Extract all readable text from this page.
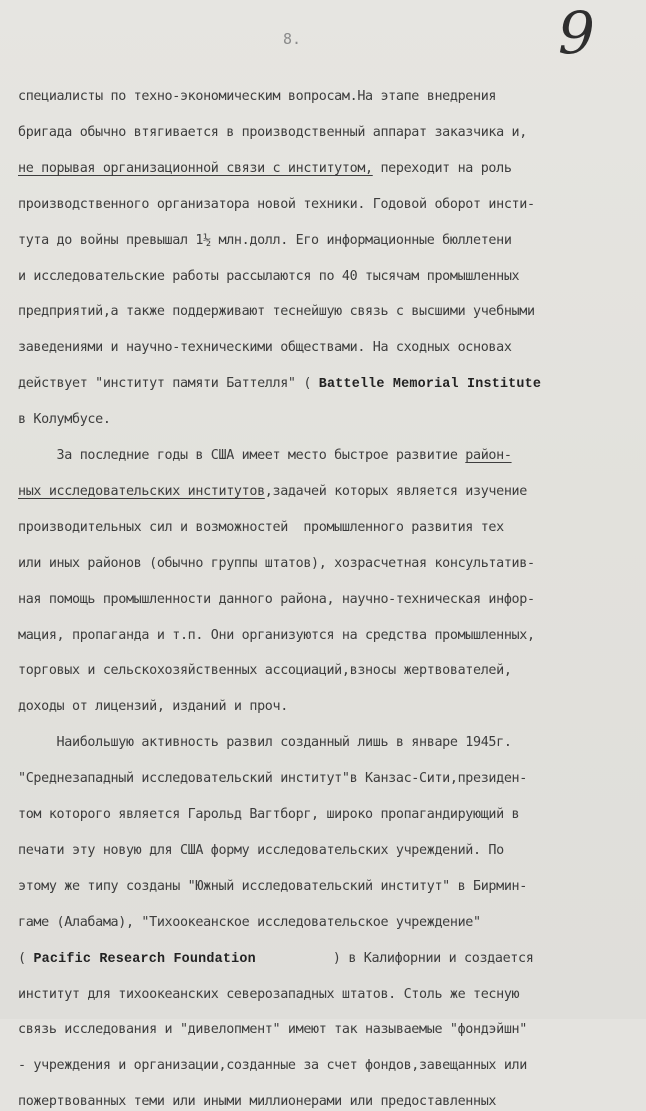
8.	9
специалисты по техно-экономическим вопросам.На этапе внедрения
бригада обычно втягивается в производственный аппарат заказчика и,
не порывая организационной связи с институтом, переходит на роль
производственного организатора новой техники. Годовой оборот инсти-
тута до войны превышал 1½ млн.долл. Его информационные бюллетени
и исследовательские работы рассылаются по 40 тысячам промышленных
предприятий,а также поддерживают теснейшую связь с высшими учебными
заведениями и научно-техническими обществами. На сходных основах
действует "институт памяти Баттелля" ( Battelle Memorial Institute
в Колумбусе.
За последние годы в США имеет место быстрое развитие район-
ных исследовательских институтов,задачей которых является изучение
производительных сил и возможностей  промышленного развития тех
или иных районов (обычно группы штатов), хозрасчетная консультатив-
ная помощь промышленности данного района, научно-техническая инфор-
мация, пропаганда и т.п. Они организуются на средства промышленных,
торговых и сельскохозяйственных ассоциаций,взносы жертвователей,
доходы от лицензий, изданий и проч.
Наибольшую активность развил созданный лишь в январе 1945г.
"Среднезападный исследовательский институт"в Канзас-Сити,президен-
том которого является Гарольд Вагтборг, широко пропагандирующий в
печати эту новую для США форму исследовательских учреждений. По
этому же типу созданы "Южный исследовательский институт" в Бирмин-
гаме (Алабама), "Тихоокеанское исследовательское учреждение"
( Pacific Research Foundation          ) в Калифорнии и создается
институт для тихоокеанских северозападных штатов. Столь же тесную
связь исследования и "дивелопмент" имеют так называемые "фондэйшн"
- учреждения и организации,созданные за счет фондов,завещанных или
пожертвованных теми или иными миллионерами или предоставленных
